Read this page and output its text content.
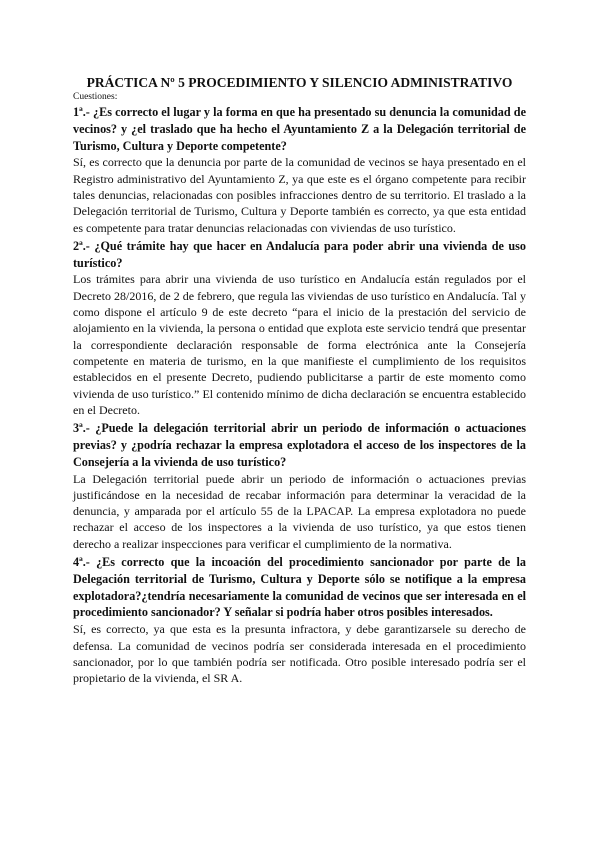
PRÁCTICA Nº 5 PROCEDIMIENTO Y SILENCIO ADMINISTRATIVO

Cuestiones:

1ª.- ¿Es correcto el lugar y la forma en que ha presentado su denuncia la comunidad de vecinos? y ¿el traslado que ha hecho el Ayuntamiento Z a la Delegación territorial de Turismo, Cultura y Deporte competente?

Sí, es correcto que la denuncia por parte de la comunidad de vecinos se haya presentado en el Registro administrativo del Ayuntamiento Z, ya que este es el órgano competente para recibir tales denuncias, relacionadas con posibles infracciones dentro de su territorio. El traslado a la Delegación territorial de Turismo, Cultura y Deporte también es correcto, ya que esta entidad es competente para tratar denuncias relacionadas con viviendas de uso turístico.

2ª.- ¿Qué trámite hay que hacer en Andalucía para poder abrir una vivienda de uso turístico?

Los trámites para abrir una vivienda de uso turístico en Andalucía están regulados por el Decreto 28/2016, de 2 de febrero, que regula las viviendas de uso turístico en Andalucía. Tal y como dispone el artículo 9 de este decreto “para el inicio de la prestación del servicio de alojamiento en la vivienda, la persona o entidad que explota este servicio tendrá que presentar la correspondiente declaración responsable de forma electrónica ante la Consejería competente en materia de turismo, en la que manifieste el cumplimiento de los requisitos establecidos en el presente Decreto, pudiendo publicitarse a partir de este momento como vivienda de uso turístico.” El contenido mínimo de dicha declaración se encuentra establecido en el Decreto.

3ª.- ¿Puede la delegación territorial abrir un periodo de información o actuaciones previas? y ¿podría rechazar la empresa explotadora el acceso de los inspectores de la Consejería a la vivienda de uso turístico?

La Delegación territorial puede abrir un periodo de información o actuaciones previas justificándose en la necesidad de recabar información para determinar la veracidad de la denuncia, y amparada por el artículo 55 de la LPACAP. La empresa explotadora no puede rechazar el acceso de los inspectores a la vivienda de uso turístico, ya que estos tienen derecho a realizar inspecciones para verificar el cumplimiento de la normativa.

4ª.- ¿Es correcto que la incoación del procedimiento sancionador por parte de la Delegación territorial de Turismo, Cultura y Deporte sólo se notifique a la empresa explotadora?¿tendría necesariamente la comunidad de vecinos que ser interesada en el procedimiento sancionador? Y señalar si podría haber otros posibles interesados.

Sí, es correcto, ya que esta es la presunta infractora, y debe garantizarsele su derecho de defensa. La comunidad de vecinos podría ser considerada interesada en el procedimiento sancionador, por lo que también podría ser notificada. Otro posible interesado podría ser el propietario de la vivienda, el SR A.
